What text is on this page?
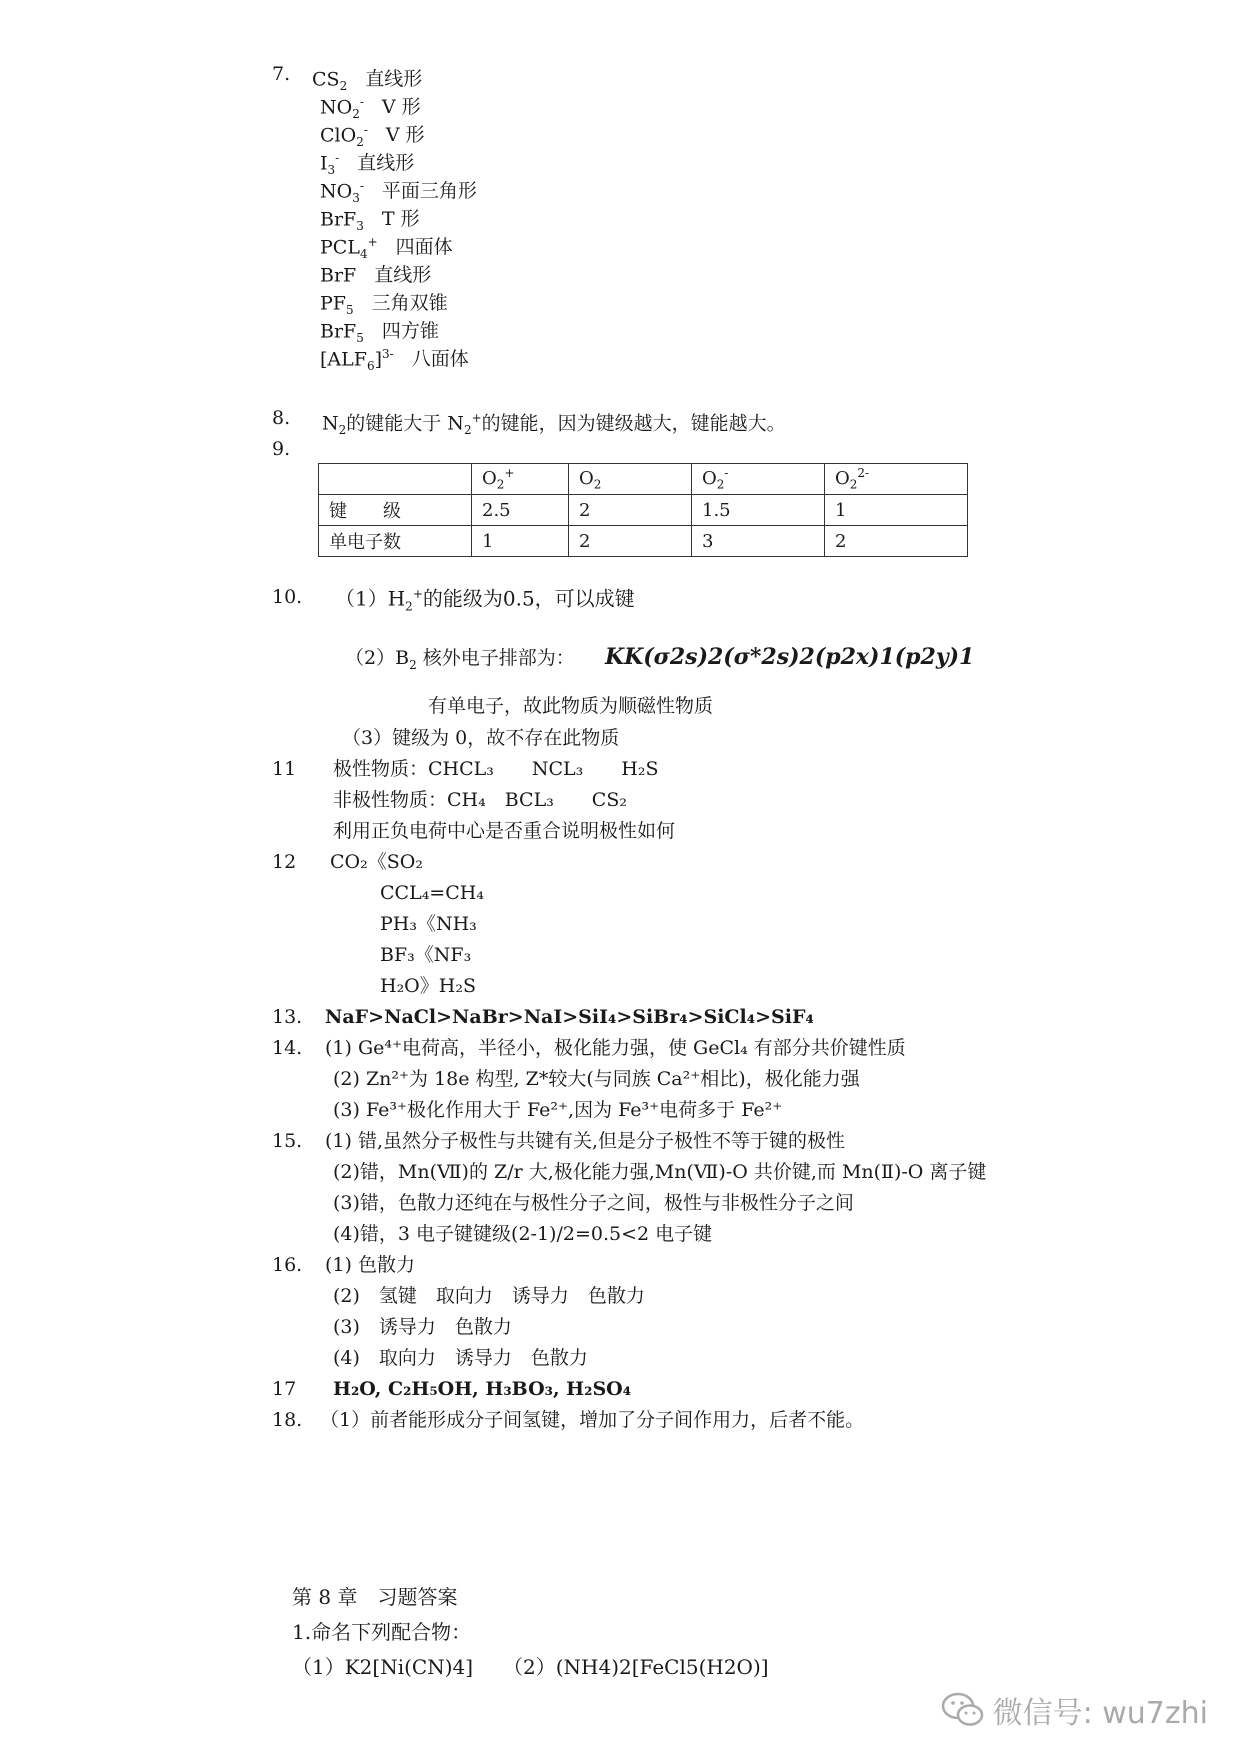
7. $CS_2$ 直线形
$NO_2^-$ V 形
ClO$_2$- V 形
$I_3^-$ 直线形
$NO_3^-$ 平面三角形
BrF$_3$ T 形
$PCL_4^+$ 四面体
BrF 直线形
$PF_5$ 三角双锥
BrF$_5$ 四方锥
$[ALF_6]^{3-}$ 八面体
8. $N_2$的键能大于 $N_2^+$的键能，因为键级越大，键能越大。
9.
	$O_2^+$	$O_2$	$O_2^-$	$O_2^{2-}$
键　　级	2.5	2	1.5	1
单电子数	1	2	3	2
10. $(1)H_2^+$的能级为0.5，可以成键
$(2)B_2$ 核外电子排部为： KK(σ2s)2(σ*2s)2(p2x)1(p2y)1
有单电子，故此物质为顺磁性物质
（3）键级为 0，故不存在此物质
11 极性物质：CHCL₃　　NCL₃　　H₂S
非极性物质：CH₄　BCL₃　　CS₂
利用正负电荷中心是否重合说明极性如何
12 CO₂《SO₂
CCL₄=CH₄
PH₃《NH₃
BF₃《NF₃
H₂O》H₂S
13. NaF>NaCl>NaBr>NaI>SiI₄>SiBr₄>SiCl₄>SiF₄
14. (1) Ge⁴⁺电荷高，半径小，极化能力强，使 GeCl₄ 有部分共价键性质
(2) Zn²⁺为 18e 构型, Z*较大(与同族 Ca²⁺相比)，极化能力强
(3) Fe³⁺极化作用大于 Fe²⁺,因为 Fe³⁺电荷多于 Fe²⁺
15. (1) 错,虽然分子极性与共键有关,但是分子极性不等于键的极性
(2)错，Mn(Ⅶ)的 Z/r 大,极化能力强,Mn(Ⅶ)-O 共价键,而 Mn(Ⅱ)-O 离子键
(3)错，色散力还纯在与极性分子之间，极性与非极性分子之间
(4)错，3 电子键键级(2-1)/2=0.5<2 电子键
16. (1) 色散力
(2)　氢键　取向力　诱导力　色散力
(3)　诱导力　色散力
(4)　取向力　诱导力　色散力
17 H₂O, C₂H₅OH, H₃BO₃, H₂SO₄
18. （1）前者能形成分子间氢键，增加了分子间作用力，后者不能。
第 8 章　习题答案
1.命名下列配合物：
（1）K2[Ni(CN)4]　　（2）(NH4)2[FeCl5(H2O)]
微信号: wu7zhi
